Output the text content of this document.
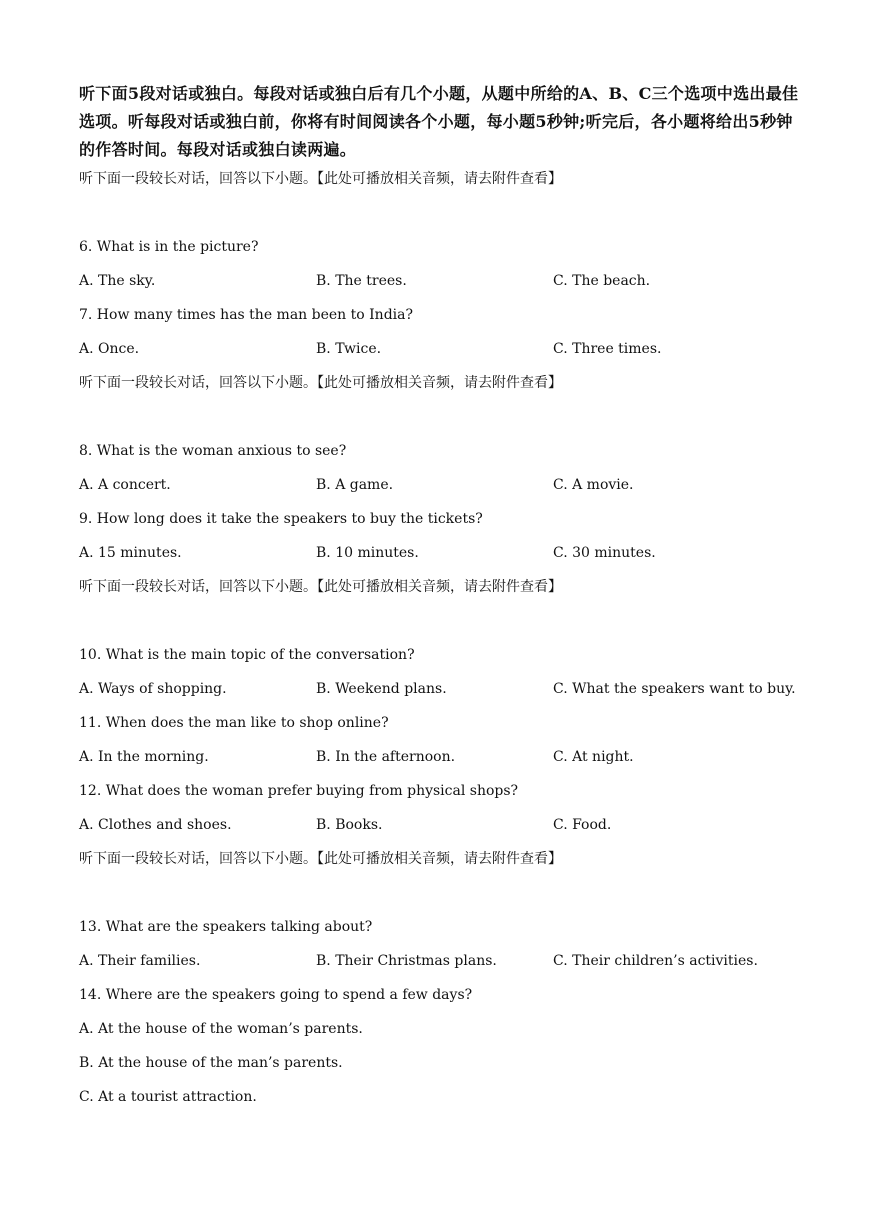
听下面5段对话或独白。每段对话或独白后有几个小题，从题中所给的A、B、C三个选项中选出最佳选项。听每段对话或独白前，你将有时间阅读各个小题，每小题5秒钟;听完后，各小题将给出5秒钟的作答时间。每段对话或独白读两遍。

听下面一段较长对话，回答以下小题。【此处可播放相关音频，请去附件查看】

6. What is in the picture?

A. The sky.	B. The trees.	C. The beach.

7. How many times has the man been to India?

A. Once.	B. Twice.	C. Three times.

听下面一段较长对话，回答以下小题。【此处可播放相关音频，请去附件查看】

8. What is the woman anxious to see?

A. A concert.	B. A game.	C. A movie.

9. How long does it take the speakers to buy the tickets?

A. 15 minutes.	B. 10 minutes.	C. 30 minutes.

听下面一段较长对话，回答以下小题。【此处可播放相关音频，请去附件查看】

10. What is the main topic of the conversation?

A. Ways of shopping.	B. Weekend plans.	C. What the speakers want to buy.

11. When does the man like to shop online?

A. In the morning.	B. In the afternoon.	C. At night.

12. What does the woman prefer buying from physical shops?

A. Clothes and shoes.	B. Books.	C. Food.

听下面一段较长对话，回答以下小题。【此处可播放相关音频，请去附件查看】

13. What are the speakers talking about?

A. Their families.	B. Their Christmas plans.	C. Their children’s activities.

14. Where are the speakers going to spend a few days?

A. At the house of the woman’s parents.

B. At the house of the man’s parents.

C. At a tourist attraction.
